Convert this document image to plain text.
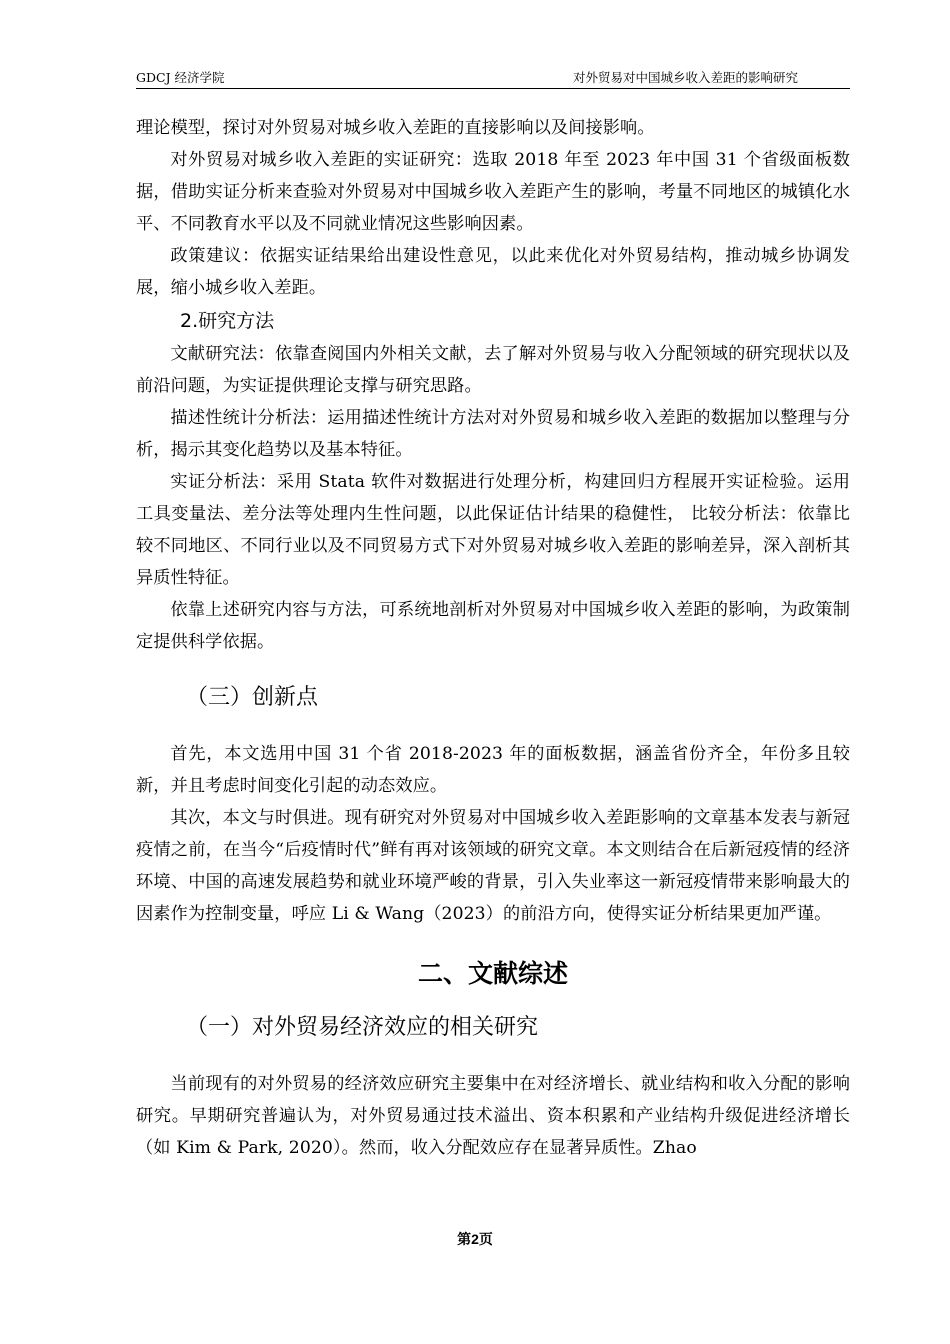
GDCJ 经济学院	对外贸易对中国城乡收入差距的影响研究

理论模型，探讨对外贸易对城乡收入差距的直接影响以及间接影响。

对外贸易对城乡收入差距的实证研究：选取 2018 年至 2023 年中国 31 个省级面板数据，借助实证分析来查验对外贸易对中国城乡收入差距产生的影响，考量不同地区的城镇化水平、不同教育水平以及不同就业情况这些影响因素。

政策建议：依据实证结果给出建设性意见，以此来优化对外贸易结构，推动城乡协调发展，缩小城乡收入差距。

2.研究方法

文献研究法：依靠查阅国内外相关文献，去了解对外贸易与收入分配领域的研究现状以及前沿问题，为实证提供理论支撑与研究思路。

描述性统计分析法：运用描述性统计方法对对外贸易和城乡收入差距的数据加以整理与分析，揭示其变化趋势以及基本特征。

实证分析法：采用 Stata 软件对数据进行处理分析，构建回归方程展开实证检验。运用工具变量法、差分法等处理内生性问题，以此保证估计结果的稳健性， 比较分析法：依靠比较不同地区、不同行业以及不同贸易方式下对外贸易对城乡收入差距的影响差异，深入剖析其异质性特征。

依靠上述研究内容与方法，可系统地剖析对外贸易对中国城乡收入差距的影响，为政策制定提供科学依据。

（三）创新点

首先，本文选用中国 31 个省 2018-2023 年的面板数据，涵盖省份齐全，年份多且较新，并且考虑时间变化引起的动态效应。

其次，本文与时俱进。现有研究对外贸易对中国城乡收入差距影响的文章基本发表与新冠疫情之前，在当今“后疫情时代”鲜有再对该领域的研究文章。本文则结合在后新冠疫情的经济环境、中国的高速发展趋势和就业环境严峻的背景，引入失业率这一新冠疫情带来影响最大的因素作为控制变量，呼应 Li & Wang（2023）的前沿方向，使得实证分析结果更加严谨。

二、文献综述
（一）对外贸易经济效应的相关研究

当前现有的对外贸易的经济效应研究主要集中在对经济增长、就业结构和收入分配的影响研究。早期研究普遍认为，对外贸易通过技术溢出、资本积累和产业结构升级促进经济增长（如 Kim & Park, 2020）。然而，收入分配效应存在显著异质性。Zhao

第2页
